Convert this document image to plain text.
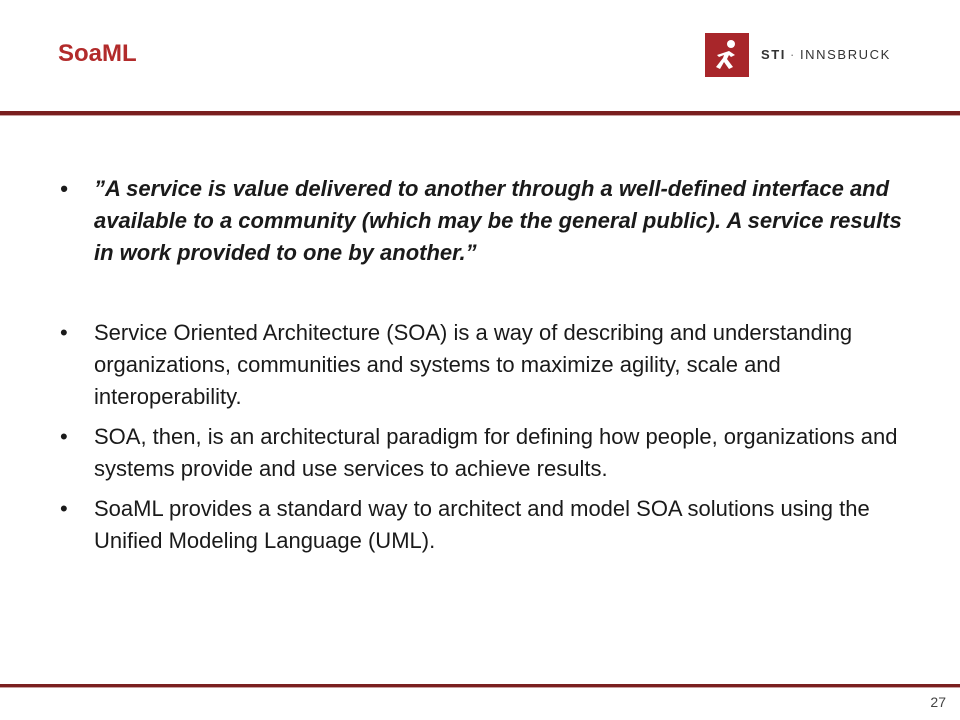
SoaML	STI · INNSBRUCK
• ”A service is value delivered to another through a well-defined interface and available to a community (which may be the general public). A service results in work provided to one by another.”
• Service Oriented Architecture (SOA) is a way of describing and understanding organizations, communities and systems to maximize agility, scale and interoperability.
• SOA, then, is an architectural paradigm for defining how people, organizations and systems provide and use services to achieve results.
• SoaML provides a standard way to architect and model SOA solutions using the Unified Modeling Language (UML).
27
